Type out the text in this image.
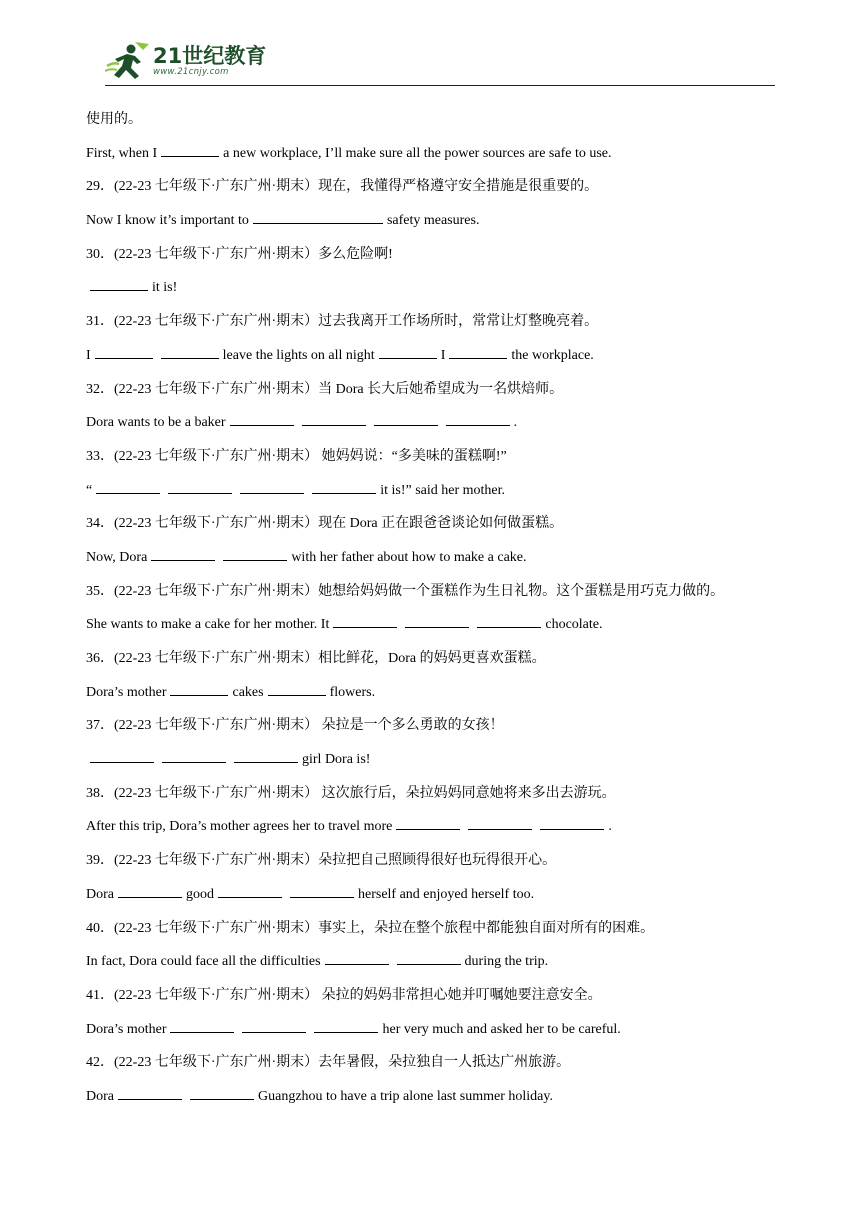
21世纪教育
www.21cnjy.com
使用的。
First, when I	a new workplace, I’ll make sure all the power sources are safe to use.
29．(22-23 七年级下·广东广州·期末）现在，我懂得严格遵守安全措施是很重要的。
Now I know it’s important to	safety measures.
30．(22-23 七年级下·广东广州·期末）多么危险啊!
it is!
31．(22-23 七年级下·广东广州·期末）过去我离开工作场所时，常常让灯整晚亮着。
I	leave the lights on all night	I	the workplace.
32．(22-23 七年级下·广东广州·期末）当 Dora 长大后她希望成为一名烘焙师。
Dora wants to be a baker	.
33．(22-23 七年级下·广东广州·期末） 她妈妈说：“多美味的蛋糕啊!”
“	it is!” said her mother.
34．(22-23 七年级下·广东广州·期末）现在 Dora 正在跟爸爸谈论如何做蛋糕。
Now, Dora	with her father about how to make a cake.
35．(22-23 七年级下·广东广州·期末）她想给妈妈做一个蛋糕作为生日礼物。这个蛋糕是用巧克力做的。
She wants to make a cake for her mother. It	chocolate.
36．(22-23 七年级下·广东广州·期末）相比鲜花，Dora 的妈妈更喜欢蛋糕。
Dora’s mother	cakes	flowers.
37．(22-23 七年级下·广东广州·期末） 朵拉是一个多么勇敢的女孩！
girl Dora is!
38．(22-23 七年级下·广东广州·期末） 这次旅行后，朵拉妈妈同意她将来多出去游玩。
After this trip, Dora’s mother agrees her to travel more	.
39．(22-23 七年级下·广东广州·期末）朵拉把自己照顾得很好也玩得很开心。
Dora	good	herself and enjoyed herself too.
40．(22-23 七年级下·广东广州·期末）事实上，朵拉在整个旅程中都能独自面对所有的困难。
In fact, Dora could face all the difficulties	during the trip.
41．(22-23 七年级下·广东广州·期末） 朵拉的妈妈非常担心她并叮嘱她要注意安全。
Dora’s mother	her very much and asked her to be careful.
42．(22-23 七年级下·广东广州·期末）去年暑假，朵拉独自一人抵达广州旅游。
Dora	Guangzhou to have a trip alone last summer holiday.
